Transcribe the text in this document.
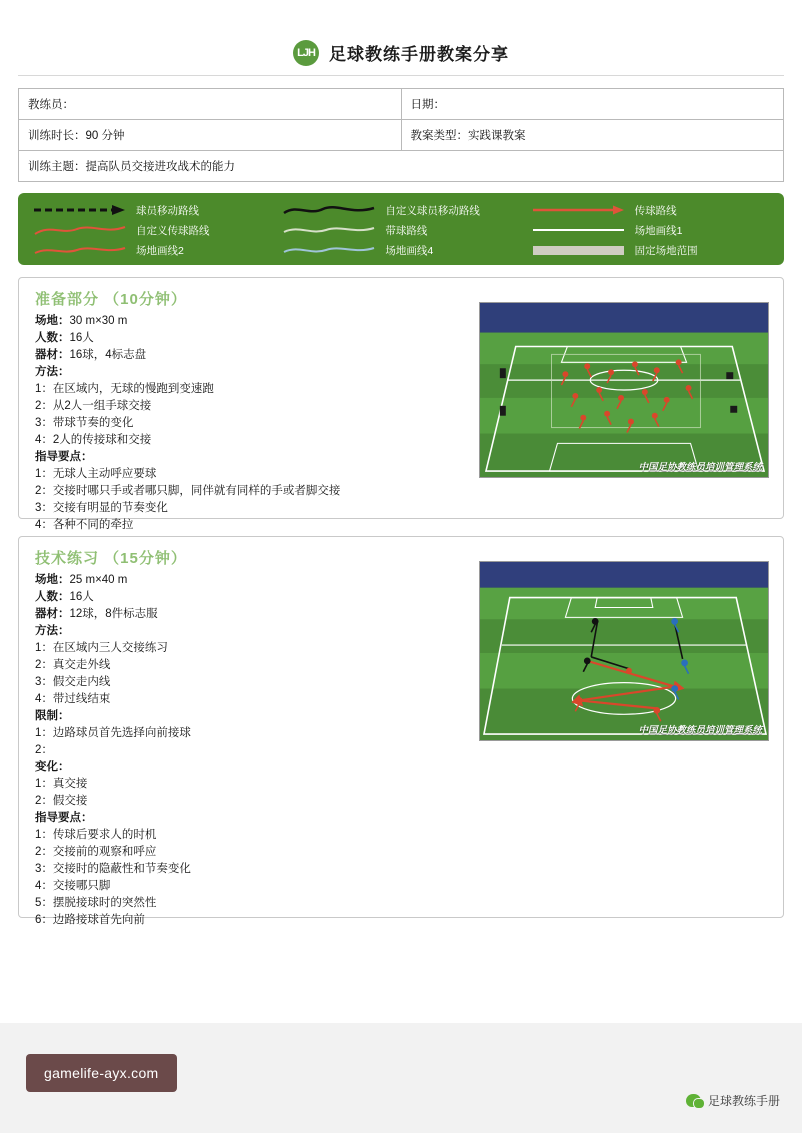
LJH 足球教练手册教案分享
教练员：	日期：
训练时长：90 分钟	教案类型：实践课教案
训练主题：提高队员交接进攻战术的能力	
球员移动路线	自定义球员移动路线	传球路线
自定义传球路线	带球路线	场地画线1
场地画线2	场地画线4	固定场地范围
准备部分 （10分钟）
场地：30 m×30 m
人数：16人
器材：16球，4标志盘
方法：
1：在区域内，无球的慢跑到变速跑
2：从2人一组手球交接
3：带球节奏的变化
4：2人的传接球和交接
指导要点：
1：无球人主动呼应要球
2：交接时哪只手或者哪只脚，同伴就有同样的手或者脚交接
3：交接有明显的节奏变化
4：各种不同的牵拉
中国足协教练员培训管理系统
技术练习 （15分钟）
场地：25 m×40 m
人数：16人
器材：12球，8件标志服
方法：
1：在区域内三人交接练习
2：真交走外线
3：假交走内线
4：带过线结束
限制：
1：边路球员首先选择向前接球
2：
变化：
1：真交接
2：假交接
指导要点：
1：传球后要求人的时机
2：交接前的观察和呼应
3：交接时的隐蔽性和节奏变化
4：交接哪只脚
5：摆脱接球时的突然性
6：边路接球首先向前
中国足协教练员培训管理系统
gamelife-ayx.com
足球教练手册
